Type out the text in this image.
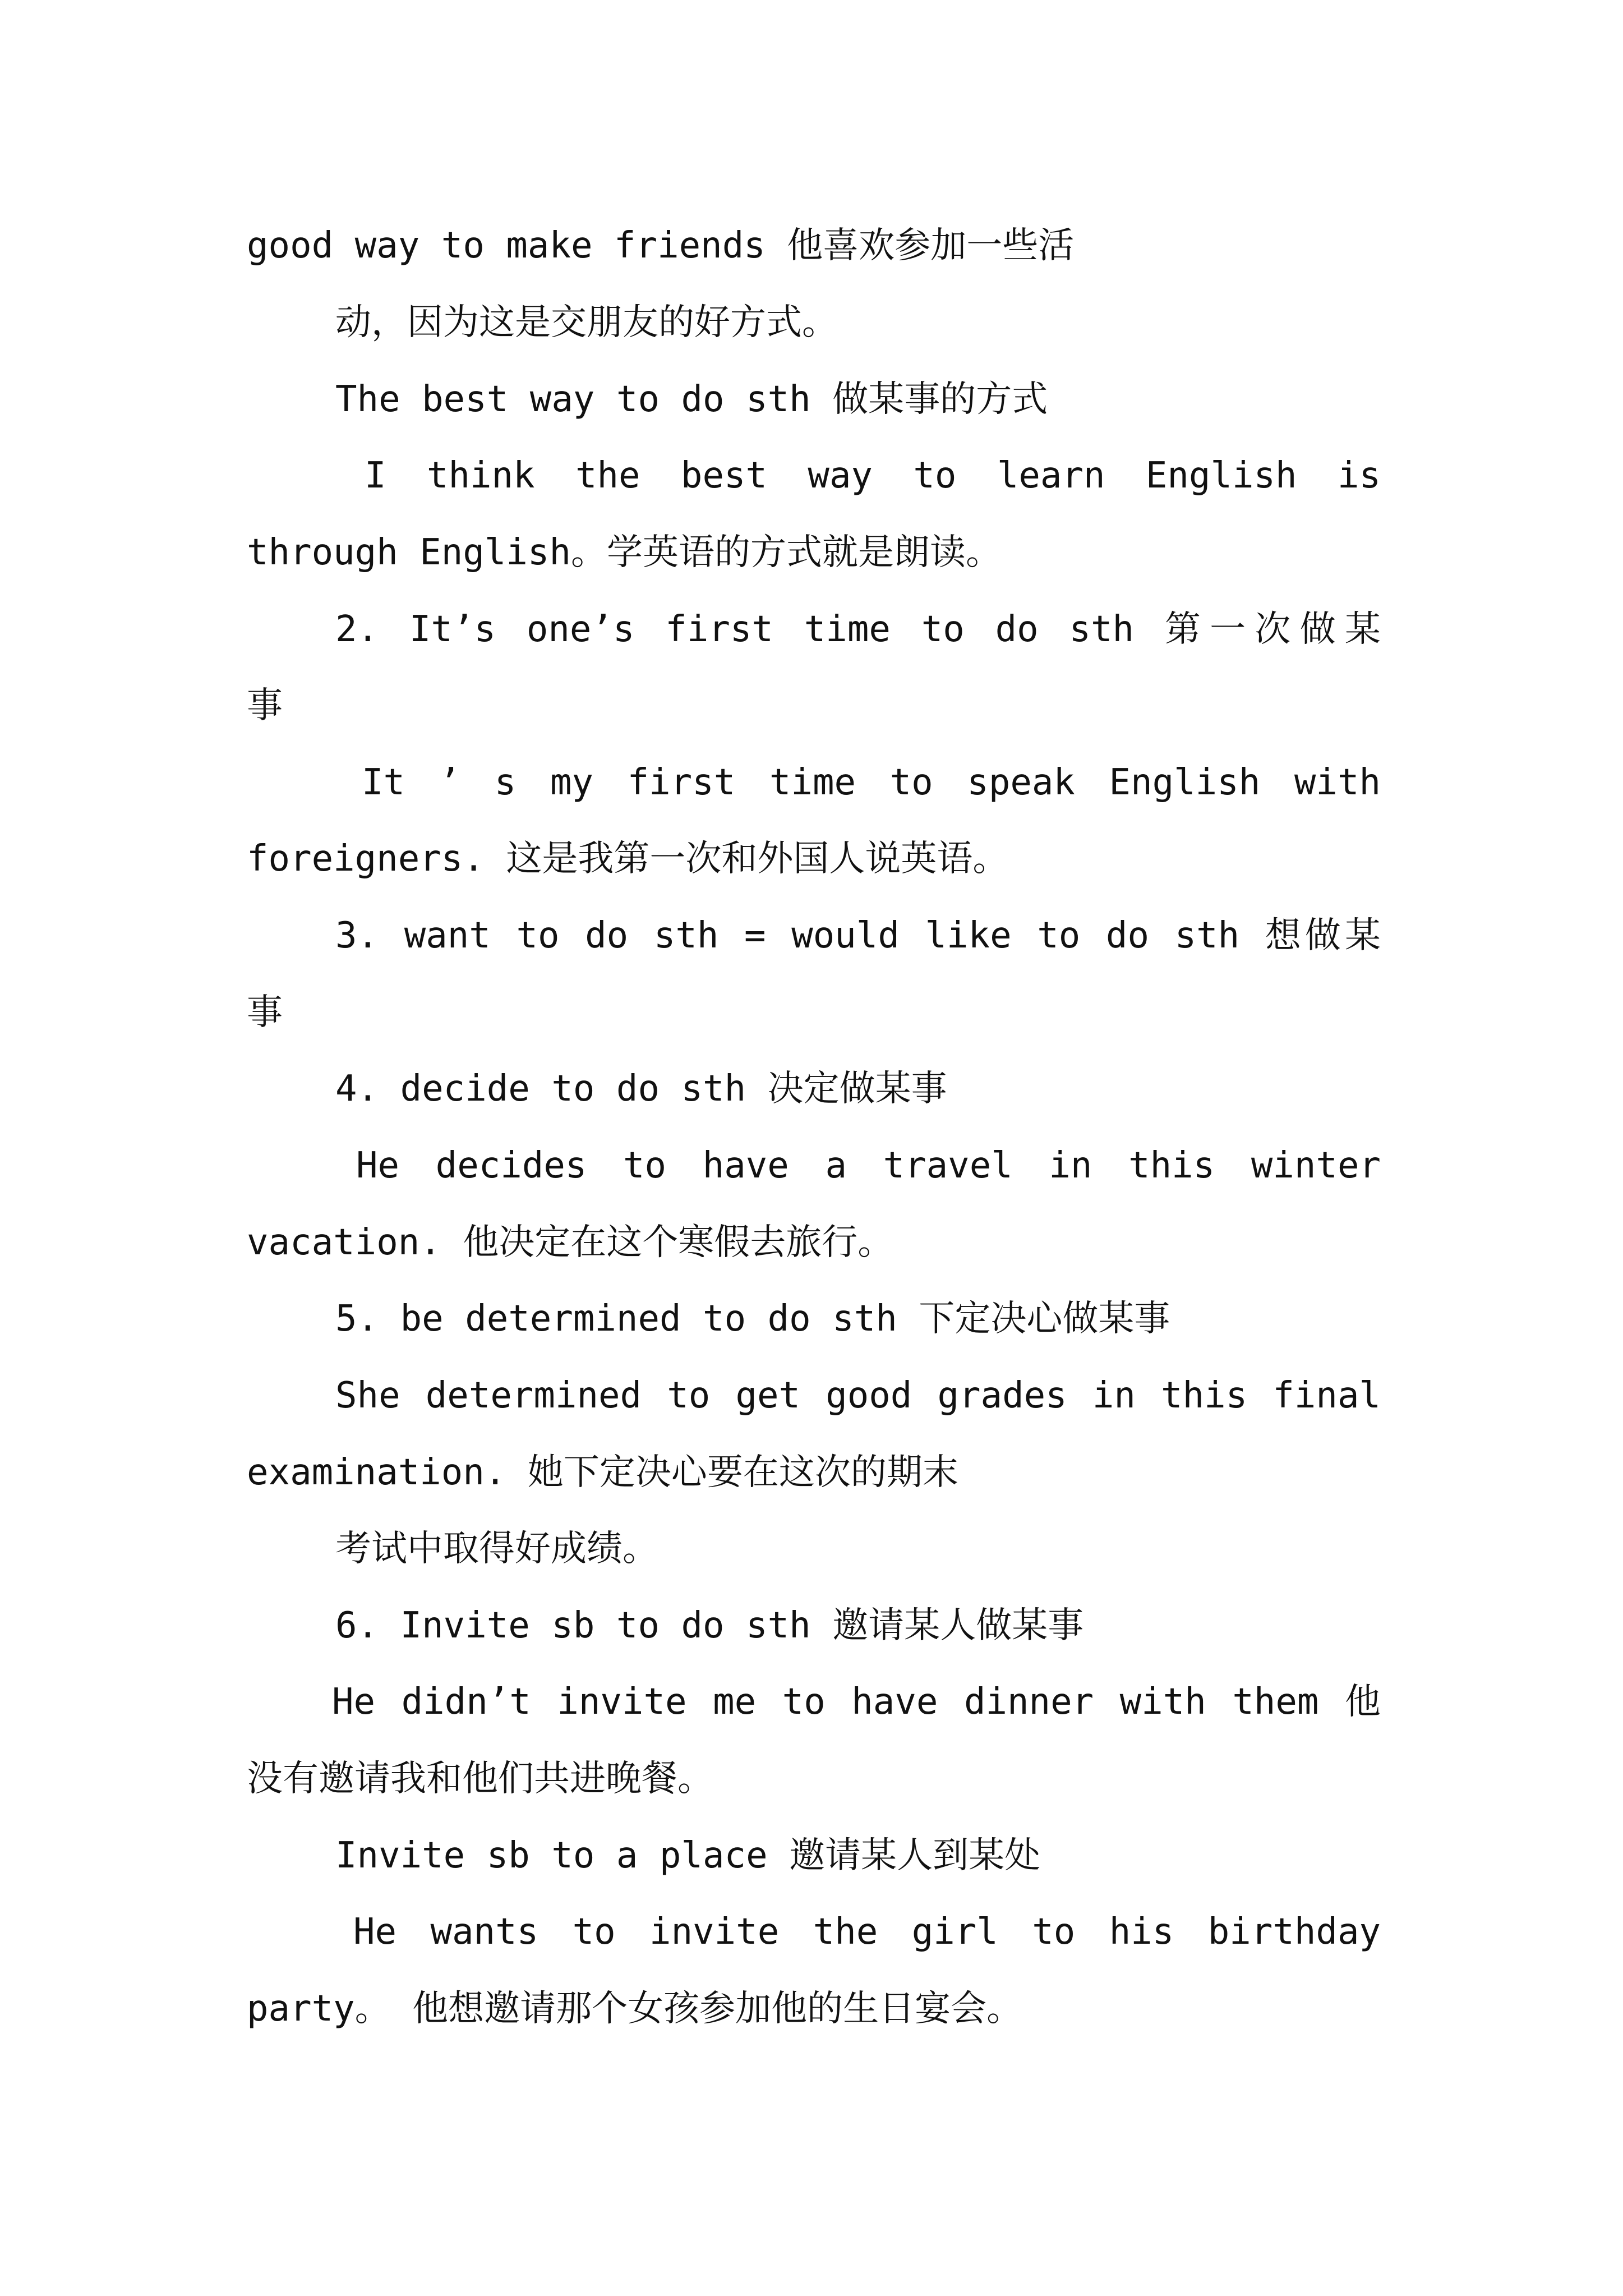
good way to make friends 他喜欢参加一些活
动，因为这是交朋友的好方式。
The best way to do sth 做某事的方式
I think the best way to learn English is
through English。学英语的方式就是朗读。
2. It’s one’s first time to do sth 第一次做某
事
It ’ s my first time to speak English with
foreigners. 这是我第一次和外国人说英语。
3. want to do sth = would like to do sth 想做某
事
4. decide to do sth 决定做某事
He decides to have a travel in this winter
vacation. 他决定在这个寒假去旅行。
5. be determined to do sth 下定决心做某事
She determined to get good grades in this final
examination. 她下定决心要在这次的期末
考试中取得好成绩。
6. Invite sb to do sth 邀请某人做某事
He didn’t invite me to have dinner with them 他
没有邀请我和他们共进晚餐。
Invite sb to a place 邀请某人到某处
He wants to invite the girl to his birthday
party。 他想邀请那个女孩参加他的生日宴会。
